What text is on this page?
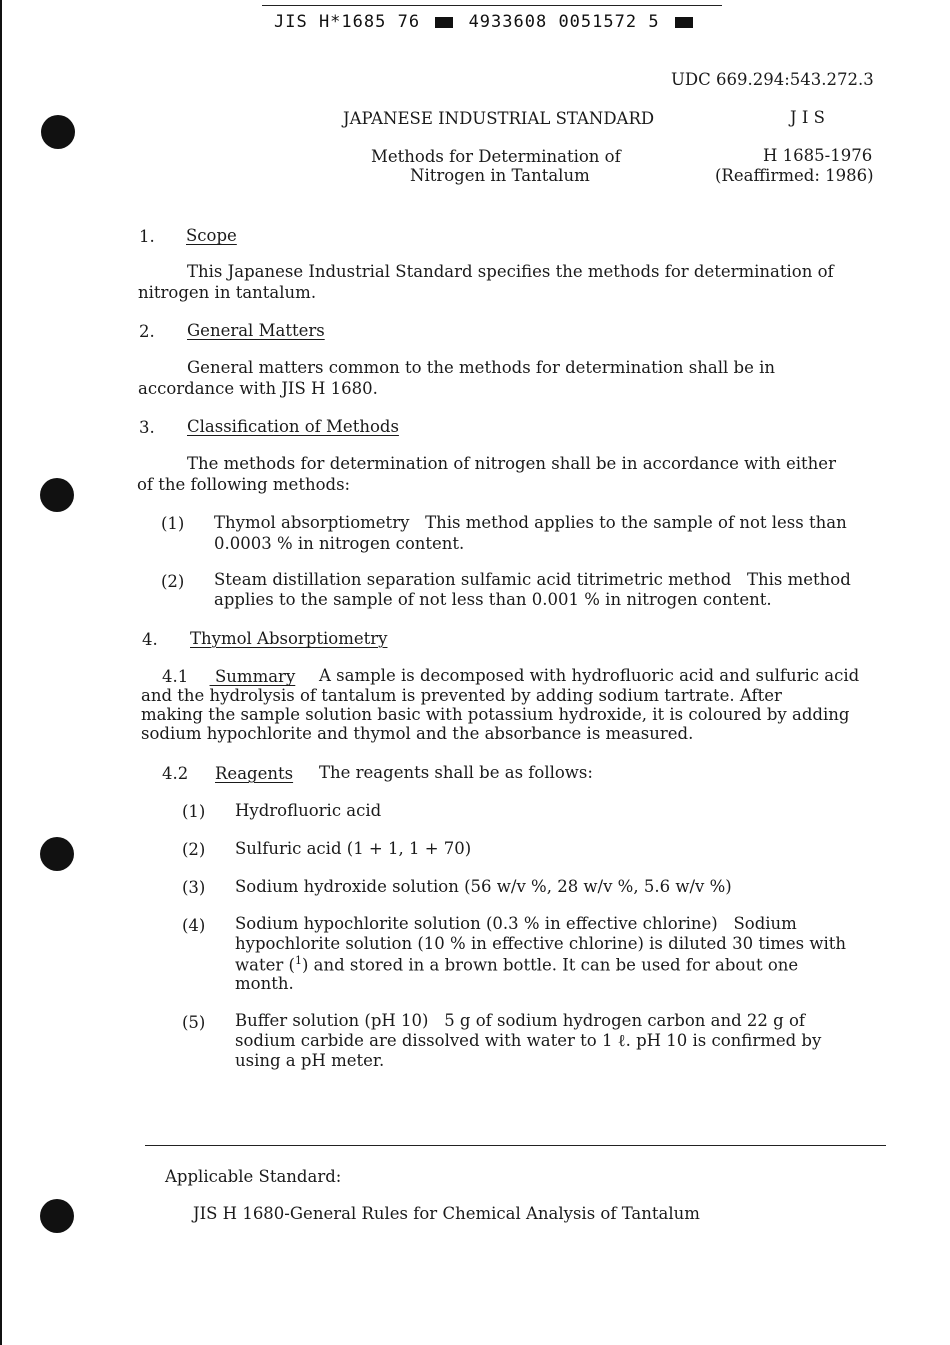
JIS H*1685 76	4933608 0051572 5
UDC 669.294:543.272.3
JAPANESE INDUSTRIAL STANDARD	J I S
Methods for Determination of
Nitrogen in Tantalum
H 1685-1976
(Reaffirmed: 1986)
1. Scope
This Japanese Industrial Standard specifies the methods for determination of
nitrogen in tantalum.
2. General Matters
General matters common to the methods for determination shall be in
accordance with JIS H 1680.
3. Classification of Methods
The methods for determination of nitrogen shall be in accordance with either
of the following methods:
(1) Thymol absorptiometry   This method applies to the sample of not less than
0.0003 % in nitrogen content.
(2) Steam distillation separation sulfamic acid titrimetric method   This method
applies to the sample of not less than 0.001 % in nitrogen content.
4. Thymol Absorptiometry
4.1 Summary A sample is decomposed with hydrofluoric acid and sulfuric acid
and the hydrolysis of tantalum is prevented by adding sodium tartrate. After
making the sample solution basic with potassium hydroxide, it is coloured by adding
sodium hypochlorite and thymol and the absorbance is measured.
4.2 Reagents The reagents shall be as follows:
(1) Hydrofluoric acid
(2) Sulfuric acid (1 + 1, 1 + 70)
(3) Sodium hydroxide solution (56 w/v %, 28 w/v %, 5.6 w/v %)
(4) Sodium hypochlorite solution (0.3 % in effective chlorine)   Sodium
hypochlorite solution (10 % in effective chlorine) is diluted 30 times with
water ($^1$) and stored in a brown bottle. It can be used for about one
month.
(5) Buffer solution (pH 10)   5 g of sodium hydrogen carbon and 22 g of
sodium carbide are dissolved with water to 1 ℓ. pH 10 is confirmed by
using a pH meter.
Applicable Standard:
JIS H 1680-General Rules for Chemical Analysis of Tantalum
